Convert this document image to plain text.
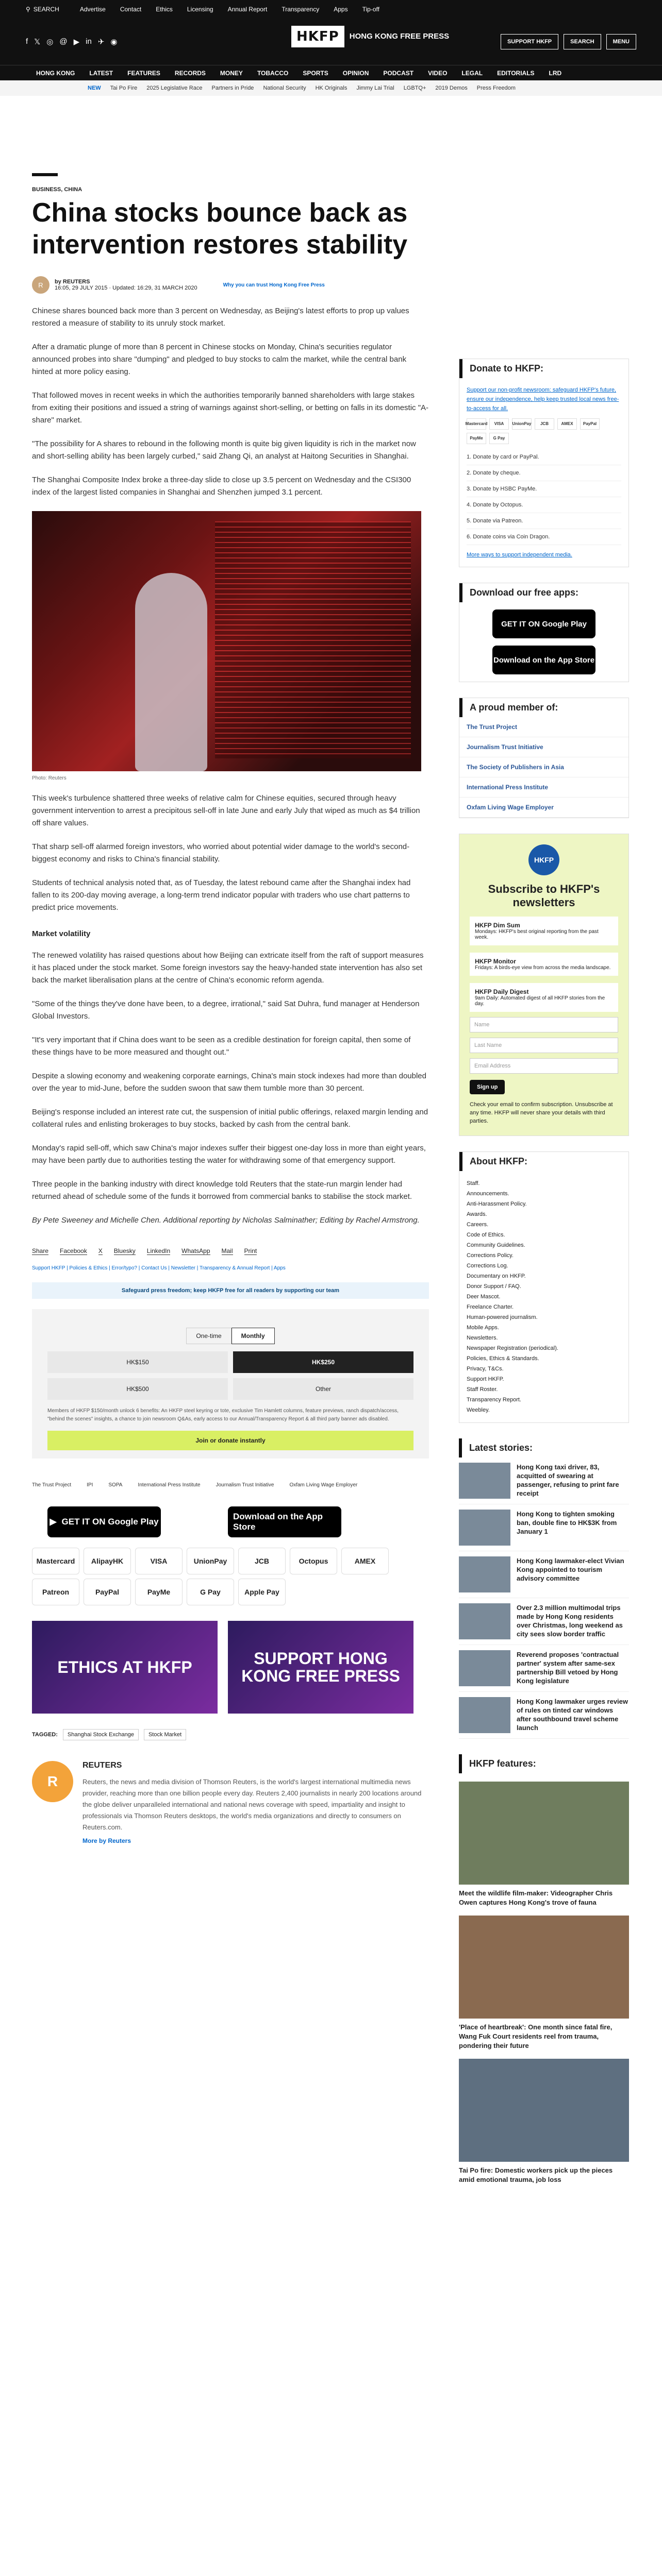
⚲ SEARCH	Advertise Contact Ethics Licensing Annual Report Transparency Apps Tip-off
f 𝕏 ◎ @ ▶ in ✈ ◉	HKFP	HONG KONG FREE PRESS
SUPPORT HKFP	SEARCH	MENU
HONG KONG LATEST FEATURES RECORDS MONEY TOBACCO SPORTS OPINION PODCAST VIDEO LEGAL EDITORIALS LRD
NEW Tai Po Fire 2025 Legislative Race Partners in Pride National Security HK Originals Jimmy Lai Trial LGBTQ+ 2019 Demos Press Freedom
BUSINESS, CHINA
China stocks bounce back as intervention restores stability
R	by REUTERS
16:05, 29 JULY 2015 · Updated: 16:29, 31 MARCH 2020	Why you can trust Hong Kong Free Press

Chinese shares bounced back more than 3 percent on Wednesday, as Beijing's latest efforts to prop up values restored a measure of stability to its unruly stock market.

After a dramatic plunge of more than 8 percent in Chinese stocks on Monday, China's securities regulator announced probes into share "dumping" and pledged to buy stocks to calm the market, while the central bank hinted at more policy easing.

That followed moves in recent weeks in which the authorities temporarily banned shareholders with large stakes from exiting their positions and issued a string of warnings against short-selling, or betting on falls in its domestic "A-share" market.

"The possibility for A shares to rebound in the following month is quite big given liquidity is rich in the market now and short-selling ability has been largely curbed," said Zhang Qi, an analyst at Haitong Securities in Shanghai.

The Shanghai Composite Index broke a three-day slide to close up 3.5 percent on Wednesday and the CSI300 index of the largest listed companies in Shanghai and Shenzhen jumped 3.1 percent.

Photo: Reuters

This week's turbulence shattered three weeks of relative calm for Chinese equities, secured through heavy government intervention to arrest a precipitous sell-off in late June and early July that wiped as much as $4 trillion off share values.

That sharp sell-off alarmed foreign investors, who worried about potential wider damage to the world's second-biggest economy and risks to China's financial stability.

Students of technical analysis noted that, as of Tuesday, the latest rebound came after the Shanghai index had fallen to its 200-day moving average, a long-term trend indicator popular with traders who use chart patterns to predict price movements.

Market volatility

The renewed volatility has raised questions about how Beijing can extricate itself from the raft of support measures it has placed under the stock market. Some foreign investors say the heavy-handed state intervention has also set back the market liberalisation plans at the centre of China's economic reform agenda.

"Some of the things they've done have been, to a degree, irrational," said Sat Duhra, fund manager at Henderson Global Investors.

"It's very important that if China does want to be seen as a credible destination for foreign capital, then some of these things have to be more measured and thought out."

Despite a slowing economy and weakening corporate earnings, China's main stock indexes had more than doubled over the year to mid-June, before the sudden swoon that saw them tumble more than 30 percent.

Beijing's response included an interest rate cut, the suspension of initial public offerings, relaxed margin lending and collateral rules and enlisting brokerages to buy stocks, backed by cash from the central bank.

Monday's rapid sell-off, which saw China's major indexes suffer their biggest one-day loss in more than eight years, may have been partly due to authorities testing the water for withdrawing some of that emergency support.

Three people in the banking industry with direct knowledge told Reuters that the state-run margin lender had returned ahead of schedule some of the funds it borrowed from commercial banks to stabilise the stock market.

By Pete Sweeney and Michelle Chen. Additional reporting by Nicholas Salminather; Editing by Rachel Armstrong.

Share Facebook X Bluesky LinkedIn WhatsApp Mail Print
Support HKFP | Policies & Ethics | Error/typo? | Contact Us | Newsletter | Transparency & Annual Report | Apps
Safeguard press freedom; keep HKFP free for all readers by supporting our team
One-time	Monthly
HK$150	HK$250
HK$500	Other
Members of HKFP $150/month unlock 6 benefits: An HKFP steel keyring or tote, exclusive Tim Hamlett columns, feature previews, ranch dispatch/access, "behind the scenes" insights, a chance to join newsroom Q&As, early access to our Annual/Transparency Report & all third party banner ads disabled.
Join or donate instantly
The Trust Project	IPI	SOPA	International Press Institute	Journalism Trust Initiative	Oxfam Living Wage Employer
▶ GET IT ON Google Play
Download on the App Store
Mastercard	AlipayHK	VISA	UnionPay	JCB	Octopus	AMEX
Patreon	PayPal	PayMe	G Pay	Apple Pay
ETHICS AT HKFP	SUPPORT HONG KONG FREE PRESS
TAGGED:	Shanghai Stock Exchange	Stock Market
R
REUTERS
Reuters, the news and media division of Thomson Reuters, is the world's largest international multimedia news provider, reaching more than one billion people every day. Reuters 2,400 journalists in nearly 200 locations around the globe deliver unparalleled international and national news coverage with speed, impartiality and insight to professionals via Thomson Reuters desktops, the world's media organizations and directly to consumers on Reuters.com.
More by Reuters
Donate to HKFP:
Support our non-profit newsroom: safeguard HKFP's future, ensure our independence, help keep trusted local news free-to-access for all.
Mastercard	VISA	UnionPay	JCB	AMEX	PayPal
PayMe	G Pay
1. Donate by card or PayPal.
2. Donate by cheque.
3. Donate by HSBC PayMe.
4. Donate by Octopus.
5. Donate via Patreon.
6. Donate coins via Coin Dragon.
More ways to support independent media.
Download our free apps:
GET IT ON Google Play
Download on the App Store
A proud member of:
The Trust Project
Journalism Trust Initiative
The Society of Publishers in Asia
International Press Institute
Oxfam Living Wage Employer
HKFP
Subscribe to HKFP's newsletters
HKFP Dim Sum
Mondays: HKFP's best original reporting from the past week.
HKFP Monitor
Fridays: A birds-eye view from across the media landscape.
HKFP Daily Digest
9am Daily: Automated digest of all HKFP stories from the day.
Name
Last Name
Email Address
Sign up
Check your email to confirm subscription. Unsubscribe at any time. HKFP will never share your details with third parties.
About HKFP:
Staff.
Announcements.
Anti-Harassment Policy.
Awards.
Careers.
Code of Ethics.
Community Guidelines.
Corrections Policy.
Corrections Log.
Documentary on HKFP.
Donor Support / FAQ.
Deer Mascot.
Freelance Charter.
Human-powered journalism.
Mobile Apps.
Newsletters.
Newspaper Registration (periodical).
Policies, Ethics & Standards.
Privacy, T&Cs.
Support HKFP.
Staff Roster.
Transparency Report.
Weebley.
Latest stories:
Hong Kong taxi driver, 83, acquitted of swearing at passenger, refusing to print fare receipt
Hong Kong to tighten smoking ban, double fine to HK$3K from January 1
Hong Kong lawmaker-elect Vivian Kong appointed to tourism advisory committee
Over 2.3 million multimodal trips made by Hong Kong residents over Christmas, long weekend as city sees slow border traffic
Reverend proposes 'contractual partner' system after same-sex partnership Bill vetoed by Hong Kong legislature
Hong Kong lawmaker urges review of rules on tinted car windows after southbound travel scheme launch
HKFP features:
Meet the wildlife film-maker: Videographer Chris Owen captures Hong Kong's trove of fauna
'Place of heartbreak': One month since fatal fire, Wang Fuk Court residents reel from trauma, pondering their future
Tai Po fire: Domestic workers pick up the pieces amid emotional trauma, job loss
